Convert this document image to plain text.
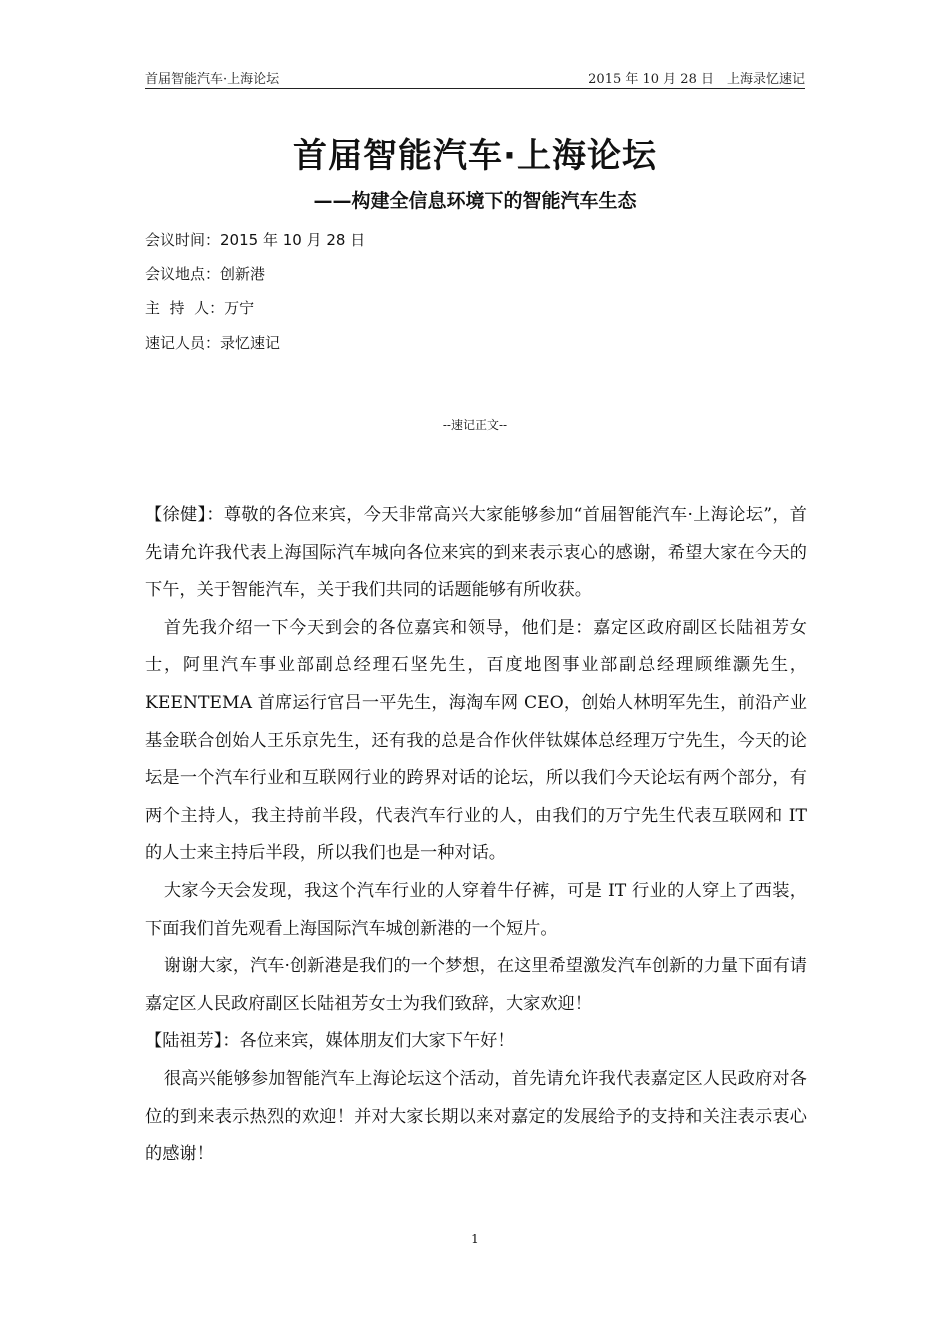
首届智能汽车·上海论坛	2015 年 10 月 28 日　上海录忆速记
首届智能汽车·上海论坛
——构建全信息环境下的智能汽车生态
会议时间：2015 年 10 月 28 日
会议地点：创新港
主  持  人：万宁
速记人员：录忆速记
--速记正文--

【徐健】：尊敬的各位来宾，今天非常高兴大家能够参加“首届智能汽车·上海论坛”，首先请允许我代表上海国际汽车城向各位来宾的到来表示衷心的感谢，希望大家在今天的下午，关于智能汽车，关于我们共同的话题能够有所收获。

首先我介绍一下今天到会的各位嘉宾和领导，他们是：嘉定区政府副区长陆祖芳女士，阿里汽车事业部副总经理石坚先生，百度地图事业部副总经理顾维灏先生，KEENTEMA 首席运行官吕一平先生，海淘车网 CEO，创始人林明军先生，前沿产业基金联合创始人王乐京先生，还有我的总是合作伙伴钛媒体总经理万宁先生，今天的论坛是一个汽车行业和互联网行业的跨界对话的论坛，所以我们今天论坛有两个部分，有两个主持人，我主持前半段，代表汽车行业的人，由我们的万宁先生代表互联网和 IT 的人士来主持后半段，所以我们也是一种对话。

大家今天会发现，我这个汽车行业的人穿着牛仔裤，可是 IT 行业的人穿上了西装，下面我们首先观看上海国际汽车城创新港的一个短片。

谢谢大家，汽车·创新港是我们的一个梦想，在这里希望激发汽车创新的力量下面有请嘉定区人民政府副区长陆祖芳女士为我们致辞，大家欢迎！

【陆祖芳】：各位来宾，媒体朋友们大家下午好！

很高兴能够参加智能汽车上海论坛这个活动，首先请允许我代表嘉定区人民政府对各位的到来表示热烈的欢迎！并对大家长期以来对嘉定的发展给予的支持和关注表示衷心的感谢！

1
